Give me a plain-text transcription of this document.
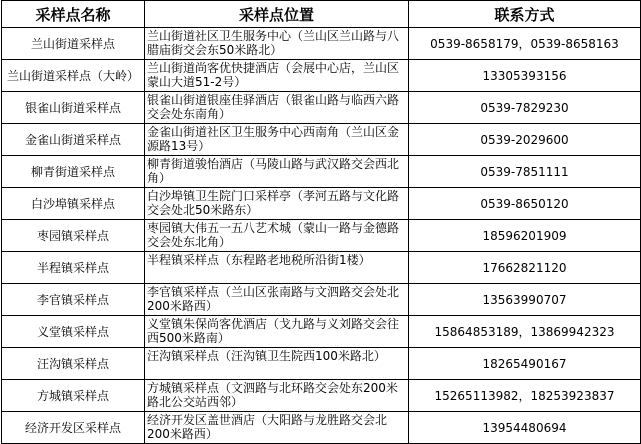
采样点名称	采样点位置	联系方式
兰山街道采样点	兰山街道社区卫生服务中心（兰山区兰山路与八腊庙街交会东50米路北）	0539-8658179，0539-8658163
兰山街道采样点（大岭）	兰山街道尚客优快捷酒店（会展中心店，兰山区蒙山大道51-2号）	13305393156
银雀山街道采样点	银雀山街道银座佳驿酒店（银雀山路与临西六路交会处东南角）	0539-7829230
金雀山街道采样点	金雀山街道社区卫生服务中心西南角（兰山区金源路13号）	0539-2029600
柳青街道采样点	柳青街道骏怡酒店（马陵山路与武汉路交会西北角）	0539-7851111
白沙埠镇采样点	白沙埠镇卫生院门口采样亭（孝河五路与文化路交会处北50米路东）	0539-8650120
枣园镇采样点	枣园镇大伟五一五八艺术城（蒙山一路与金德路交会处东北角）	18596201909
半程镇采样点	半程镇采样点（东程路老地税所沿街1楼）	17662821120
李官镇采样点	李官镇采样点（兰山区张南路与文泗路交会处北200米路西）	13563990707
义堂镇采样点	义堂镇朱保尚客优酒店（戈九路与义刘路交会往西500米路南）	15864853189，13869942323
汪沟镇采样点	汪沟镇采样点（汪沟镇卫生院西100米路北）	18265490167
方城镇采样点	方城镇采样点（文泗路与北环路交会处东200米路北公交站西邻）	15265113982，18253923837
经济开发区采样点	经济开发区盖世酒店（大阳路与龙胜路交会北200米路西）	13954480694
